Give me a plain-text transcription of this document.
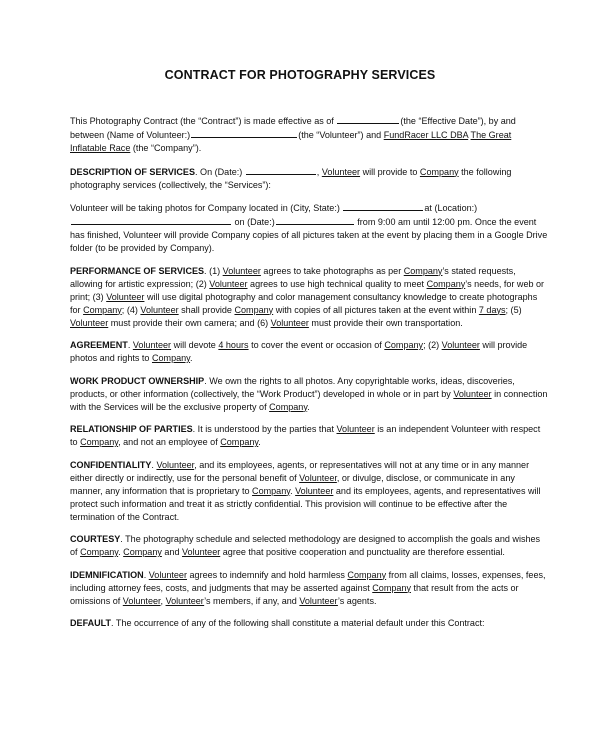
CONTRACT FOR PHOTOGRAPHY SERVICES

This Photography Contract (the “Contract”) is made effective as of	(the “Effective Date”), by and between (Name of Volunteer:)	(the “Volunteer”) and FundRacer LLC DBA The Great Inflatable Race (the “Company”).

DESCRIPTION OF SERVICES. On (Date:)	, Volunteer will provide to Company the following photography services (collectively, the “Services”):

Volunteer will be taking photos for Company located in (City, State:)	at (Location:) on (Date:)	from 9:00 am until 12:00 pm. Once the event has finished, Volunteer will provide Company copies of all pictures taken at the event by placing them in a Google Drive folder (to be provided by Company).

PERFORMANCE OF SERVICES. (1) Volunteer agrees to take photographs as per Company’s stated requests, allowing for artistic expression; (2) Volunteer agrees to use high technical quality to meet Company’s needs, for web or print; (3) Volunteer will use digital photography and color management consultancy knowledge to create photographs for Company; (4) Volunteer shall provide Company with copies of all pictures taken at the event within 7 days; (5) Volunteer must provide their own camera; and (6) Volunteer must provide their own transportation.

AGREEMENT. Volunteer will devote 4 hours to cover the event or occasion of Company; (2) Volunteer will provide photos and rights to Company.

WORK PRODUCT OWNERSHIP. We own the rights to all photos. Any copyrightable works, ideas, discoveries, products, or other information (collectively, the “Work Product”) developed in whole or in part by Volunteer in connection with the Services will be the exclusive property of Company.

RELATIONSHIP OF PARTIES. It is understood by the parties that Volunteer is an independent Volunteer with respect to Company, and not an employee of Company.

CONFIDENTIALITY. Volunteer, and its employees, agents, or representatives will not at any time or in any manner either directly or indirectly, use for the personal benefit of Volunteer, or divulge, disclose, or communicate in any manner, any information that is proprietary to Company. Volunteer and its employees, agents, and representatives will protect such information and treat it as strictly confidential. This provision will continue to be effective after the termination of the Contract.

COURTESY. The photography schedule and selected methodology are designed to accomplish the goals and wishes of Company. Company and Volunteer agree that positive cooperation and punctuality are therefore essential.

IDEMNIFICATION. Volunteer agrees to indemnify and hold harmless Company from all claims, losses, expenses, fees, including attorney fees, costs, and judgments that may be asserted against Company that result from the acts or omissions of Volunteer, Volunteer’s members, if any, and Volunteer’s agents.

DEFAULT. The occurrence of any of the following shall constitute a material default under this Contract:
